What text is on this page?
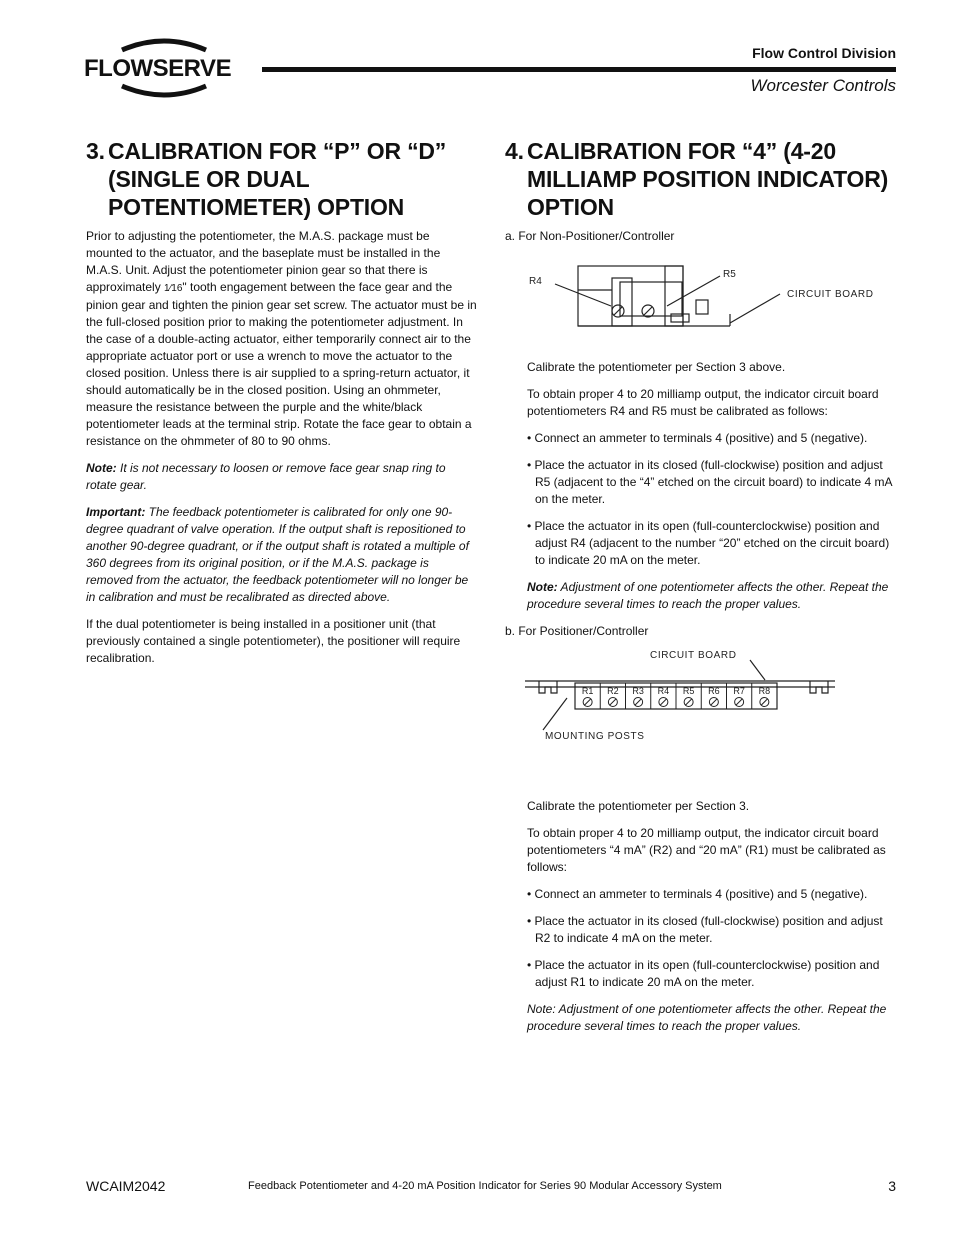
FLOWSERVE
Flow Control Division
Worcester Controls
3. CALIBRATION FOR “P” OR “D” (SINGLE OR DUAL POTENTIOMETER) OPTION

Prior to adjusting the potentiometer, the M.A.S. package must be mounted to the actuator, and the baseplate must be installed in the M.A.S. Unit. Adjust the potentiometer pinion gear so that there is approximately 1⁄16" tooth engagement between the face gear and the pinion gear and tighten the pinion gear set screw. The actuator must be in the full-closed position prior to making the potentiometer adjustment. In the case of a double-acting actuator, either temporarily connect air to the appropriate actuator port or use a wrench to move the actuator to the closed position. Unless there is air supplied to a spring-return actuator, it should automatically be in the closed position. Using an ohmmeter, measure the resistance between the purple and the white/black potentiometer leads at the terminal strip. Rotate the face gear to obtain a resistance on the ohmmeter of 80 to 90 ohms.

Note: It is not necessary to loosen or remove face gear snap ring to rotate gear.

Important: The feedback potentiometer is calibrated for only one 90-degree quadrant of valve operation. If the output shaft is repositioned to another 90-degree quadrant, or if the output shaft is rotated a multiple of 360 degrees from its original position, or if the M.A.S. package is removed from the actuator, the feedback potentiometer will no longer be in calibration and must be recalibrated as directed above.

If the dual potentiometer is being installed in a positioner unit (that previously contained a single potentiometer), the positioner will require recalibration.

4. CALIBRATION FOR “4” (4-20 MILLIAMP POSITION INDICATOR) OPTION
a. For Non-Positioner/Controller

Calibrate the potentiometer per Section 3 above.

To obtain proper 4 to 20 milliamp output, the indicator circuit board potentiometers R4 and R5 must be calibrated as follows:

• Connect an ammeter to terminals 4 (positive) and 5 (negative).

• Place the actuator in its closed (full-clockwise) position and adjust R5 (adjacent to the “4” etched on the circuit board) to indicate 4 mA on the meter.

• Place the actuator in its open (full-counterclockwise) position and adjust R4 (adjacent to the number “20” etched on the circuit board) to indicate 20 mA on the meter.

Note: Adjustment of one potentiometer affects the other. Repeat the procedure several times to reach the proper values.

b. For Positioner/Controller

Calibrate the potentiometer per Section 3.

To obtain proper 4 to 20 milliamp output, the indicator circuit board potentiometers “4 mA” (R2) and “20 mA” (R1) must be calibrated as follows:

• Connect an ammeter to terminals 4 (positive) and 5 (negative).

• Place the actuator in its closed (full-clockwise) position and adjust R2 to indicate 4 mA on the meter.

• Place the actuator in its open (full-counterclockwise) position and adjust R1 to indicate 20 mA on the meter.

Note: Adjustment of one potentiometer affects the other. Repeat the procedure several times to reach the proper values.

R4
R5
CIRCUIT BOARD
R1 R2 R3 R4 R5 R6 R7 R8
CIRCUIT BOARD
MOUNTING POSTS
WCAIM2042	Feedback Potentiometer and 4-20 mA Position Indicator for Series 90 Modular Accessory System	3
